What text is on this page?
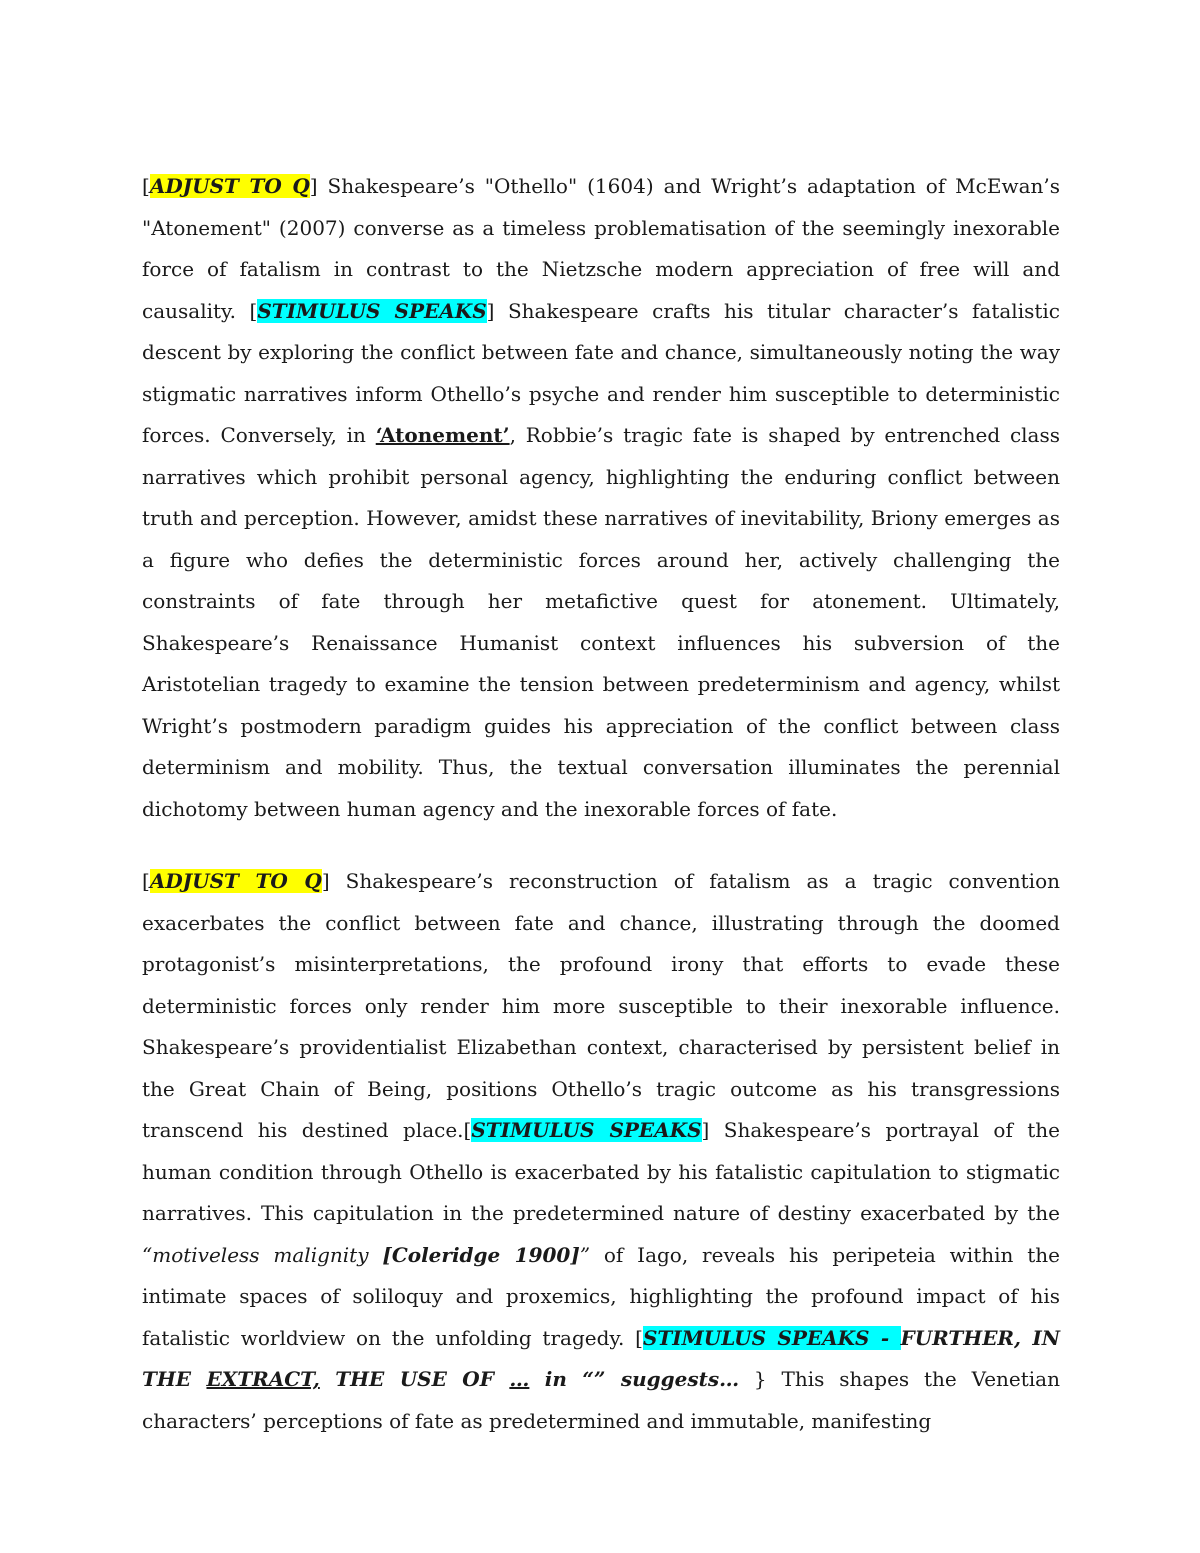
[ADJUST TO Q] Shakespeare’s "Othello" (1604) and Wright’s adaptation of McEwan’s "Atonement" (2007) converse as a timeless problematisation of the seemingly inexorable force of fatalism in contrast to the Nietzsche modern appreciation of free will and causality. [STIMULUS SPEAKS] Shakespeare crafts his titular character’s fatalistic descent by exploring the conflict between fate and chance, simultaneously noting the way stigmatic narratives inform Othello’s psyche and render him susceptible to deterministic forces. Conversely, in ‘Atonement’, Robbie’s tragic fate is shaped by entrenched class narratives which prohibit personal agency, highlighting the enduring conflict between truth and perception. However, amidst these narratives of inevitability, Briony emerges as a figure who defies the deterministic forces around her, actively challenging the constraints of fate through her metafictive quest for atonement. Ultimately, Shakespeare’s Renaissance Humanist context influences his subversion of the Aristotelian tragedy to examine the tension between predeterminism and agency, whilst Wright’s postmodern paradigm guides his appreciation of the conflict between class determinism and mobility. Thus, the textual conversation illuminates the perennial dichotomy between human agency and the inexorable forces of fate.

[ADJUST TO Q] Shakespeare’s reconstruction of fatalism as a tragic convention exacerbates the conflict between fate and chance, illustrating through the doomed protagonist’s misinterpretations, the profound irony that efforts to evade these deterministic forces only render him more susceptible to their inexorable influence. Shakespeare’s providentialist Elizabethan context, characterised by persistent belief in the Great Chain of Being, positions Othello’s tragic outcome as his transgressions transcend his destined place.[STIMULUS SPEAKS] Shakespeare’s portrayal of the human condition through Othello is exacerbated by his fatalistic capitulation to stigmatic narratives. This capitulation in the predetermined nature of destiny exacerbated by the “motiveless malignity [Coleridge 1900]” of Iago, reveals his peripeteia within the intimate spaces of soliloquy and proxemics, highlighting the profound impact of his fatalistic worldview on the unfolding tragedy. [STIMULUS SPEAKS - FURTHER, IN THE EXTRACT, THE USE OF … in “” suggests… } This shapes the Venetian characters’ perceptions of fate as predetermined and immutable, manifesting
